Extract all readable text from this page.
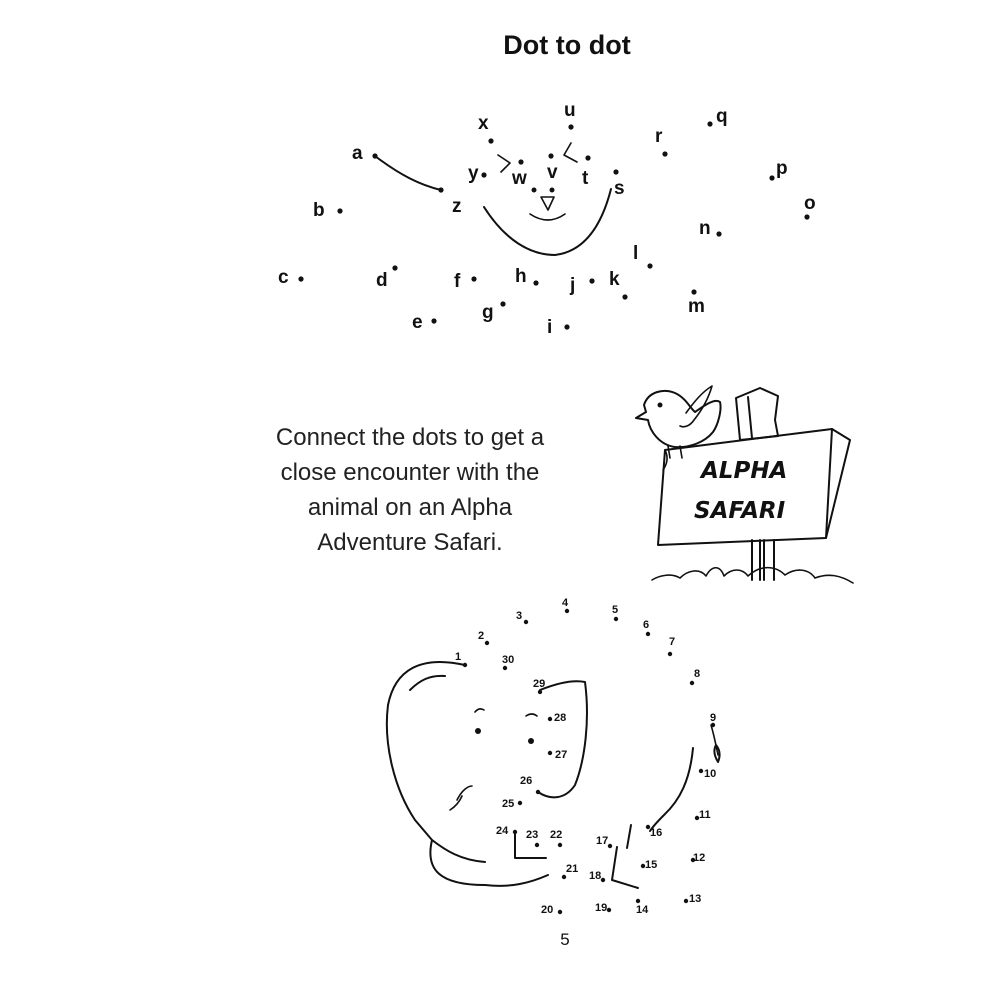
Dot to dot
Connect the dots to get a close encounter with the animal on an Alpha Adventure Safari.
5
a
b
c	d
e
f
g
h
i
j k
l
m
n
o
p
q
r
s
t
u
v
w
x
y
z
1
2
3
4
5
6
7
8
9
10
11
12
13
14
15
16
17
18
19
20
21
22
23
24
25
26
27
28
29
30
ALPHA
SAFARI
